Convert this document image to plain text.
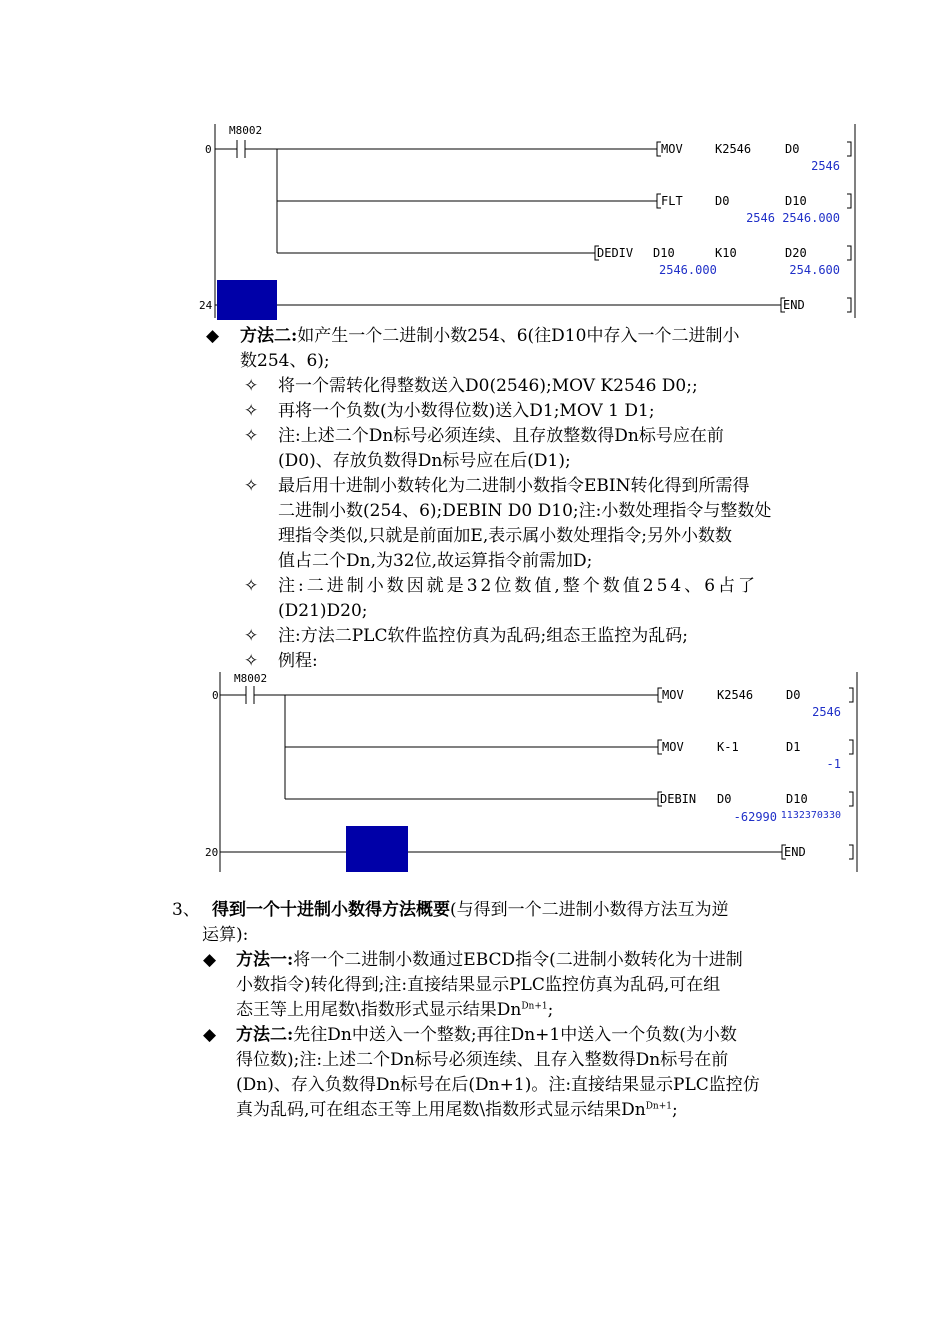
M8002
0	MOV	K2546	D0
2546
FLT	D0	D10
2546 2546.000
DEDIV D10	K10	D20
2546.000	254.600
24	END
◆ 方法二:如产生一个二进制小数254、6(往D10中存入一个二进制小
数254、6);
✧ 将一个需转化得整数送入D0(2546);MOV K2546 D0;;
✧ 再将一个负数(为小数得位数)送入D1;MOV 1 D1;
✧ 注:上述二个Dn标号必须连续、且存放整数得Dn标号应在前
(D0)、存放负数得Dn标号应在后(D1);
✧ 最后用十进制小数转化为二进制小数指令EBIN转化得到所需得
二进制小数(254、6);DEBIN D0 D10;注:小数处理指令与整数处
理指令类似,只就是前面加E,表示属小数处理指令;另外小数数
值占二个Dn,为32位,故运算指令前需加D;
✧ 注:二进制小数因就是32位数值,整个数值254、6占了
(D21)D20;
✧ 注:方法二PLC软件监控仿真为乱码;组态王监控为乱码;
✧ 例程:
M8002
0	MOV	K2546	D0
2546
MOV	K-1	D1
-1
DEBIN D0	D10
-62990 1132370330
20	END
3、 得到一个十进制小数得方法概要(与得到一个二进制小数得方法互为逆
运算):
◆ 方法一:将一个二进制小数通过EBCD指令(二进制小数转化为十进制
小数指令)转化得到;注:直接结果显示PLC监控仿真为乱码,可在组
态王等上用尾数\指数形式显示结果$Dn^{Dn+1}$;
◆ 方法二:先往Dn中送入一个整数;再往Dn+1中送入一个负数(为小数
得位数);注:上述二个Dn标号必须连续、且存入整数得Dn标号在前
(Dn)、存入负数得Dn标号在后(Dn+1)。注:直接结果显示PLC监控仿
真为乱码,可在组态王等上用尾数\指数形式显示结果$Dn^{Dn+1}$;
